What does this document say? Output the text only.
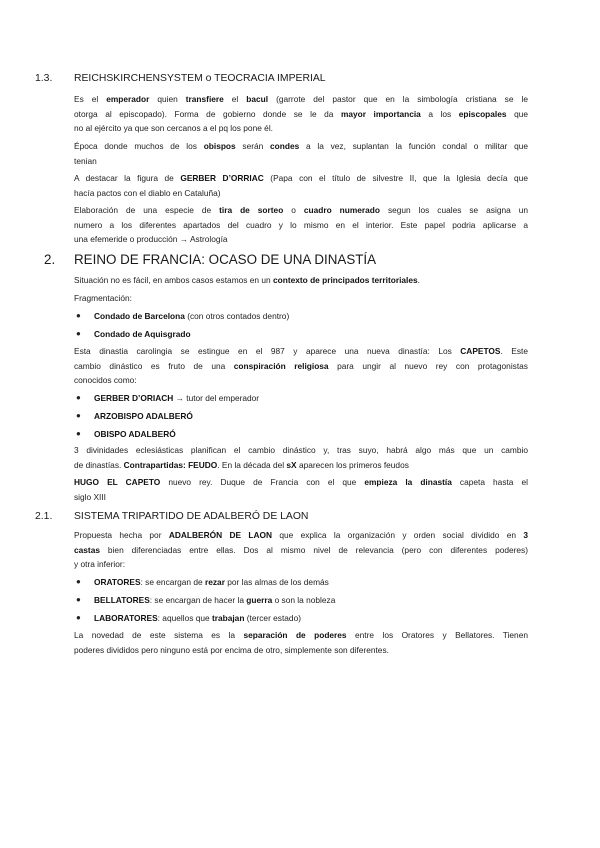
1.3. REICHSKIRCHENSYSTEM o TEOCRACIA IMPERIAL
Es el emperador quien transfiere el bacul (garrote del pastor que en la simbología cristiana se le
otorga al episcopado). Forma de gobierno donde se le da mayor importancia a los episcopales que
no al ejército ya que son cercanos a el pq los pone él.
Época donde muchos de los obispos serán condes a la vez, suplantan la función condal o militar que
tenian
A destacar la figura de GERBER D’ORRIAC (Papa con el título de silvestre II, que la Iglesia decía que
hacía pactos con el diablo en Cataluña)
Elaboración de una especie de tira de sorteo o cuadro numerado segun los cuales se asigna un
numero a los diferentes apartados del cuadro y lo mismo en el interior. Este papel podria aplicarse a
una efemeride o producción → Astrología
2. REINO DE FRANCIA: OCASO DE UNA DINASTÍA
Situación no es fácil, en ambos casos estamos en un contexto de principados territoriales.
Fragmentación:
● Condado de Barcelona (con otros contados dentro)
● Condado de Aquisgrado
Esta dinastia carolingia se estingue en el 987 y aparece una nueva dinastía: Los CAPETOS. Este
cambio dinástico es fruto de una conspiración religiosa para ungir al nuevo rey con protagonistas
conocidos como:
● GERBER D’ORIACH → tutor del emperador
● ARZOBISPO ADALBERÓ
● OBISPO ADALBERÓ
3 divinidades eclesiásticas planifican el cambio dinástico y, tras suyo, habrá algo más que un cambio
de dinastías. Contrapartidas: FEUDO. En la década del sX aparecen los primeros feudos
HUGO EL CAPETO nuevo rey. Duque de Francia con el que empieza la dinastía capeta hasta el
siglo XIII
2.1. SISTEMA TRIPARTIDO DE ADALBERÓ DE LAON
Propuesta hecha por ADALBERÓN DE LAON que explica la organización y orden social dividido en 3
castas bien diferenciadas entre ellas. Dos al mismo nivel de relevancia (pero con diferentes poderes)
y otra inferior:
● ORATORES: se encargan de rezar por las almas de los demás
● BELLATORES: se encargan de hacer la guerra o son la nobleza
● LABORATORES: aquellos que trabajan (tercer estado)
La novedad de este sistema es la separación de poderes entre los Oratores y Bellatores. Tienen
poderes divididos pero ninguno está por encima de otro, simplemente son diferentes.
